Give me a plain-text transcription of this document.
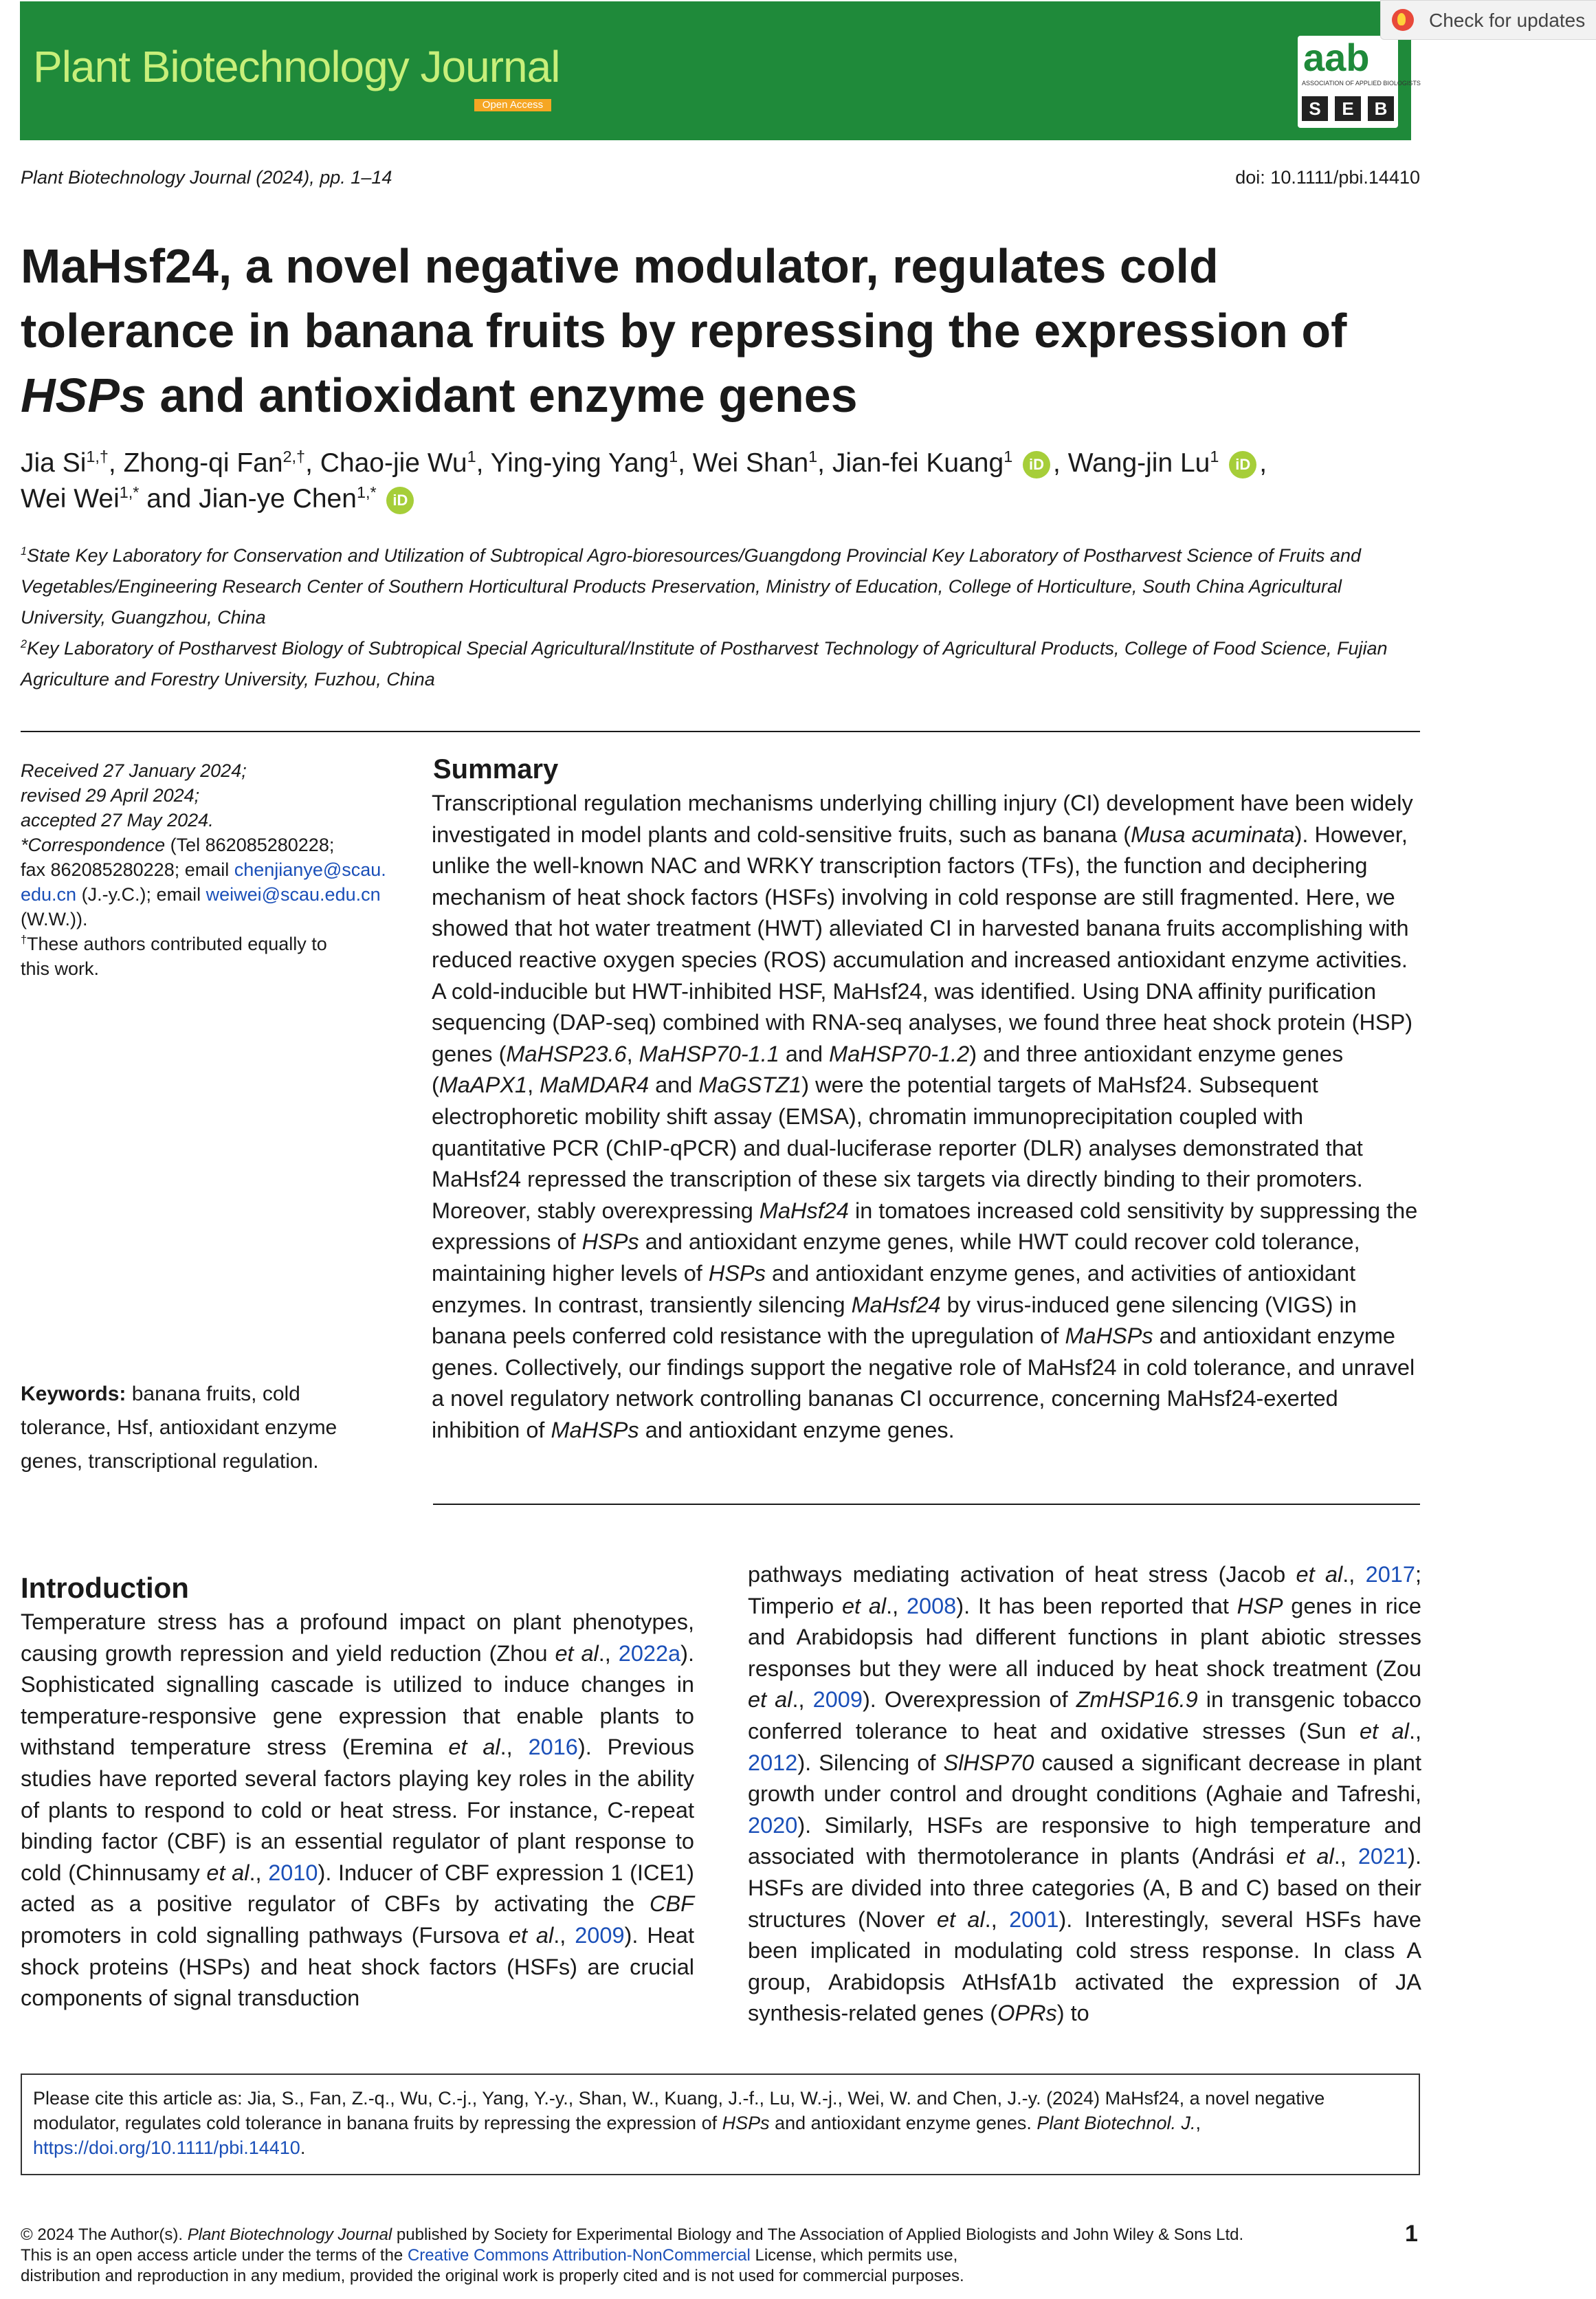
Plant Biotechnology Journal
Open Access
aab
ASSOCIATION OF APPLIED BIOLOGISTS
S	E	B
Check for updates
Plant Biotechnology Journal (2024), pp. 1–14	doi: 10.1111/pbi.14410
MaHsf24, a novel negative modulator, regulates cold
tolerance in banana fruits by repressing the expression of
HSPs and antioxidant enzyme genes
Jia $Si^{1,\dagger}$, Zhong-qi Fan$^{2,\dagger}$, Chao-jie Wu$^1$, Ying-ying Yang$^1$, Wei Shan$^1$, Jian-fei Kuang$^1$ iD , Wang-jin Lu$^1$ iD ,
Wei Wei$^{1,*}$ and Jian-ye Chen$^{1,*}$ iD
$^1$State Key Laboratory for Conservation and Utilization of Subtropical Agro-bioresources/Guangdong Provincial Key Laboratory of Postharvest Science of Fruits and Vegetables/Engineering Research Center of Southern Horticultural Products Preservation, Ministry of Education, College of Horticulture, South China Agricultural University, Guangzhou, China
$^2$Key Laboratory of Postharvest Biology of Subtropical Special Agricultural/Institute of Postharvest Technology of Agricultural Products, College of Food Science, Fujian Agriculture and Forestry University, Fuzhou, China
Received 27 January 2024;
revised 29 April 2024;
accepted 27 May 2024.
*Correspondence (Tel 862085280228;
fax 862085280228; email chenjianye@scau.
edu.cn (J.-y.C.); email weiwei@scau.edu.cn
(W.W.)).
†These authors contributed equally to
this work.
Keywords: banana fruits, cold tolerance, Hsf, antioxidant enzyme genes, transcriptional regulation.
Summary
Transcriptional regulation mechanisms underlying chilling injury (CI) development have been widely investigated in model plants and cold-sensitive fruits, such as banana (Musa acuminata). However, unlike the well-known NAC and WRKY transcription factors (TFs), the function and deciphering mechanism of heat shock factors (HSFs) involving in cold response are still fragmented. Here, we showed that hot water treatment (HWT) alleviated CI in harvested banana fruits accomplishing with reduced reactive oxygen species (ROS) accumulation and increased antioxidant enzyme activities. A cold-inducible but HWT-inhibited HSF, MaHsf24, was identified. Using DNA affinity purification sequencing (DAP-seq) combined with RNA-seq analyses, we found three heat shock protein (HSP) genes (MaHSP23.6, MaHSP70-1.1 and MaHSP70-1.2) and three antioxidant enzyme genes (MaAPX1, MaMDAR4 and MaGSTZ1) were the potential targets of MaHsf24. Subsequent electrophoretic mobility shift assay (EMSA), chromatin immunoprecipitation coupled with quantitative PCR (ChIP-qPCR) and dual-luciferase reporter (DLR) analyses demonstrated that MaHsf24 repressed the transcription of these six targets via directly binding to their promoters. Moreover, stably overexpressing MaHsf24 in tomatoes increased cold sensitivity by suppressing the expressions of HSPs and antioxidant enzyme genes, while HWT could recover cold tolerance, maintaining higher levels of HSPs and antioxidant enzyme genes, and activities of antioxidant enzymes. In contrast, transiently silencing MaHsf24 by virus-induced gene silencing (VIGS) in banana peels conferred cold resistance with the upregulation of MaHSPs and antioxidant enzyme genes. Collectively, our findings support the negative role of MaHsf24 in cold tolerance, and unravel a novel regulatory network controlling bananas CI occurrence, concerning MaHsf24-exerted inhibition of MaHSPs and antioxidant enzyme genes.
Introduction
Temperature stress has a profound impact on plant phenotypes, causing growth repression and yield reduction (Zhou et al., 2022a). Sophisticated signalling cascade is utilized to induce changes in temperature-responsive gene expression that enable plants to withstand temperature stress (Eremina et al., 2016). Previous studies have reported several factors playing key roles in the ability of plants to respond to cold or heat stress. For instance, C-repeat binding factor (CBF) is an essential regulator of plant response to cold (Chinnusamy et al., 2010). Inducer of CBF expression 1 (ICE1) acted as a positive regulator of CBFs by activating the CBF promoters in cold signalling pathways (Fursova et al., 2009). Heat shock proteins (HSPs) and heat shock factors (HSFs) are crucial components of signal transduction
pathways mediating activation of heat stress (Jacob et al., 2017; Timperio et al., 2008). It has been reported that HSP genes in rice and Arabidopsis had different functions in plant abiotic stresses responses but they were all induced by heat shock treatment (Zou et al., 2009). Overexpression of ZmHSP16.9 in transgenic tobacco conferred tolerance to heat and oxidative stresses (Sun et al., 2012). Silencing of SlHSP70 caused a significant decrease in plant growth under control and drought conditions (Aghaie and Tafreshi, 2020). Similarly, HSFs are responsive to high temperature and associated with thermotolerance in plants (Andrási et al., 2021). HSFs are divided into three categories (A, B and C) based on their structures (Nover et al., 2001). Interestingly, several HSFs have been implicated in modulating cold stress response. In class A group, Arabidopsis AtHsfA1b activated the expression of JA synthesis-related genes (OPRs) to
Please cite this article as: Jia, S., Fan, Z.-q., Wu, C.-j., Yang, Y.-y., Shan, W., Kuang, J.-f., Lu, W.-j., Wei, W. and Chen, J.-y. (2024) MaHsf24, a novel negative modulator, regulates cold tolerance in banana fruits by repressing the expression of HSPs and antioxidant enzyme genes. Plant Biotechnol. J., https://doi.org/10.1111/pbi.14410.
© 2024 The Author(s). Plant Biotechnology Journal published by Society for Experimental Biology and The Association of Applied Biologists and John Wiley & Sons Ltd.
This is an open access article under the terms of the Creative Commons Attribution-NonCommercial License, which permits use,
distribution and reproduction in any medium, provided the original work is properly cited and is not used for commercial purposes.
1
